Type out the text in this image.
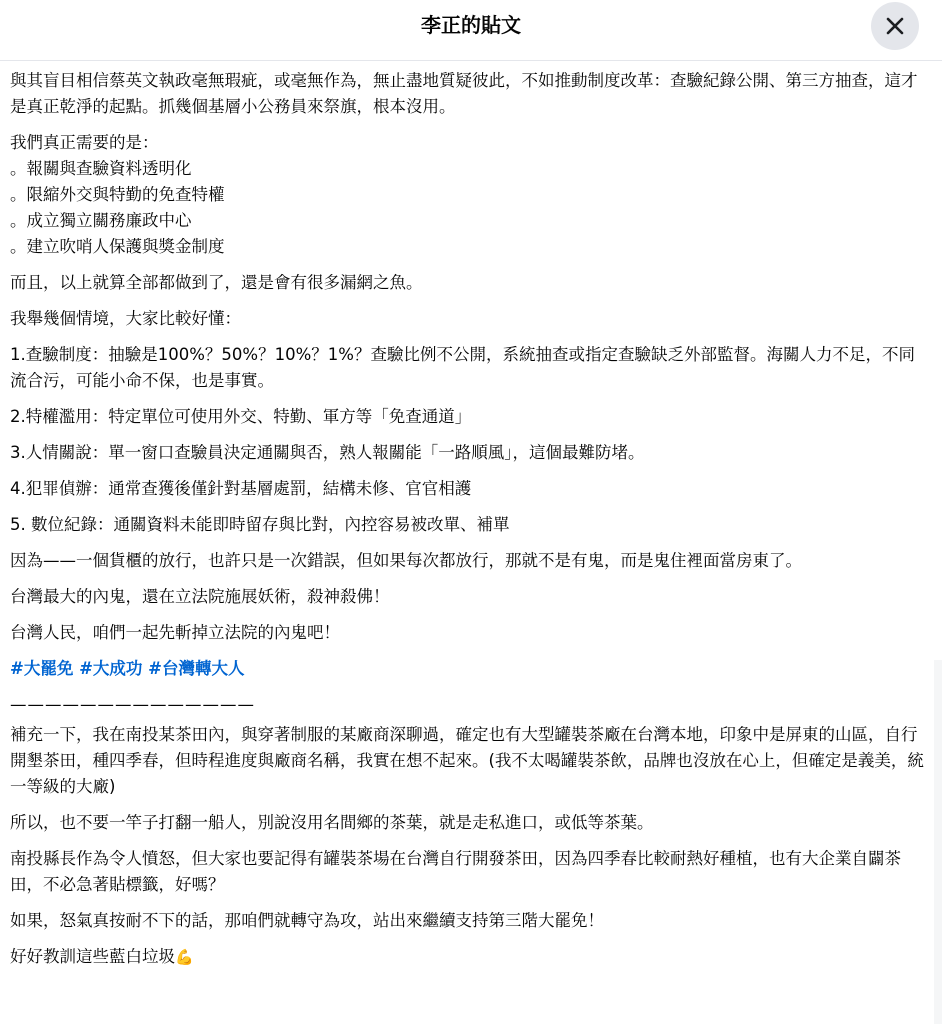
李正的貼文

與其盲目相信蔡英文執政毫無瑕疵，或毫無作為，無止盡地質疑彼此，不如推動制度改革：查驗紀錄公開、第三方抽查，這才是真正乾淨的起點。抓幾個基層小公務員來祭旗，根本沒用。

我們真正需要的是：
。報關與查驗資料透明化
。限縮外交與特勤的免查特權
。成立獨立關務廉政中心
。建立吹哨人保護與獎金制度

而且，以上就算全部都做到了，還是會有很多漏網之魚。

我舉幾個情境，大家比較好懂：

1.查驗制度：抽驗是100%？50%？10%？1%？查驗比例不公開，系統抽查或指定查驗缺乏外部監督。海關人力不足，不同流合污，可能小命不保，也是事實。

2.特權濫用：特定單位可使用外交、特勤、軍方等「免查通道」

3.人情關說：單一窗口查驗員決定通關與否，熟人報關能「一路順風」，這個最難防堵。

4.犯罪偵辦：通常查獲後僅針對基層處罰，結構未修、官官相護

5. 數位紀錄：通關資料未能即時留存與比對，內控容易被改單、補單

因為——一個貨櫃的放行，也許只是一次錯誤，但如果每次都放行，那就不是有鬼，而是鬼住裡面當房東了。

台灣最大的內鬼，還在立法院施展妖術，殺神殺佛！

台灣人民，咱們一起先斬掉立法院的內鬼吧！

#大罷免 #大成功 #台灣轉大人

——————————————

補充一下，我在南投某茶田內，與穿著制服的某廠商深聊過，確定也有大型罐裝茶廠在台灣本地，印象中是屏東的山區，自行開墾茶田，種四季春，但時程進度與廠商名稱，我實在想不起來。(我不太喝罐裝茶飲，品牌也沒放在心上，但確定是義美，統一等級的大廠)

所以，也不要一竿子打翻一船人，別說沒用名間鄉的茶葉，就是走私進口，或低等茶葉。

南投縣長作為令人憤怒，但大家也要記得有罐裝茶場在台灣自行開發茶田，因為四季春比較耐熱好種植，也有大企業自闢茶田，不必急著貼標籤，好嗎？

如果，怒氣真按耐不下的話，那咱們就轉守為攻，站出來繼續支持第三階大罷免！

好好教訓這些藍白垃圾💪
